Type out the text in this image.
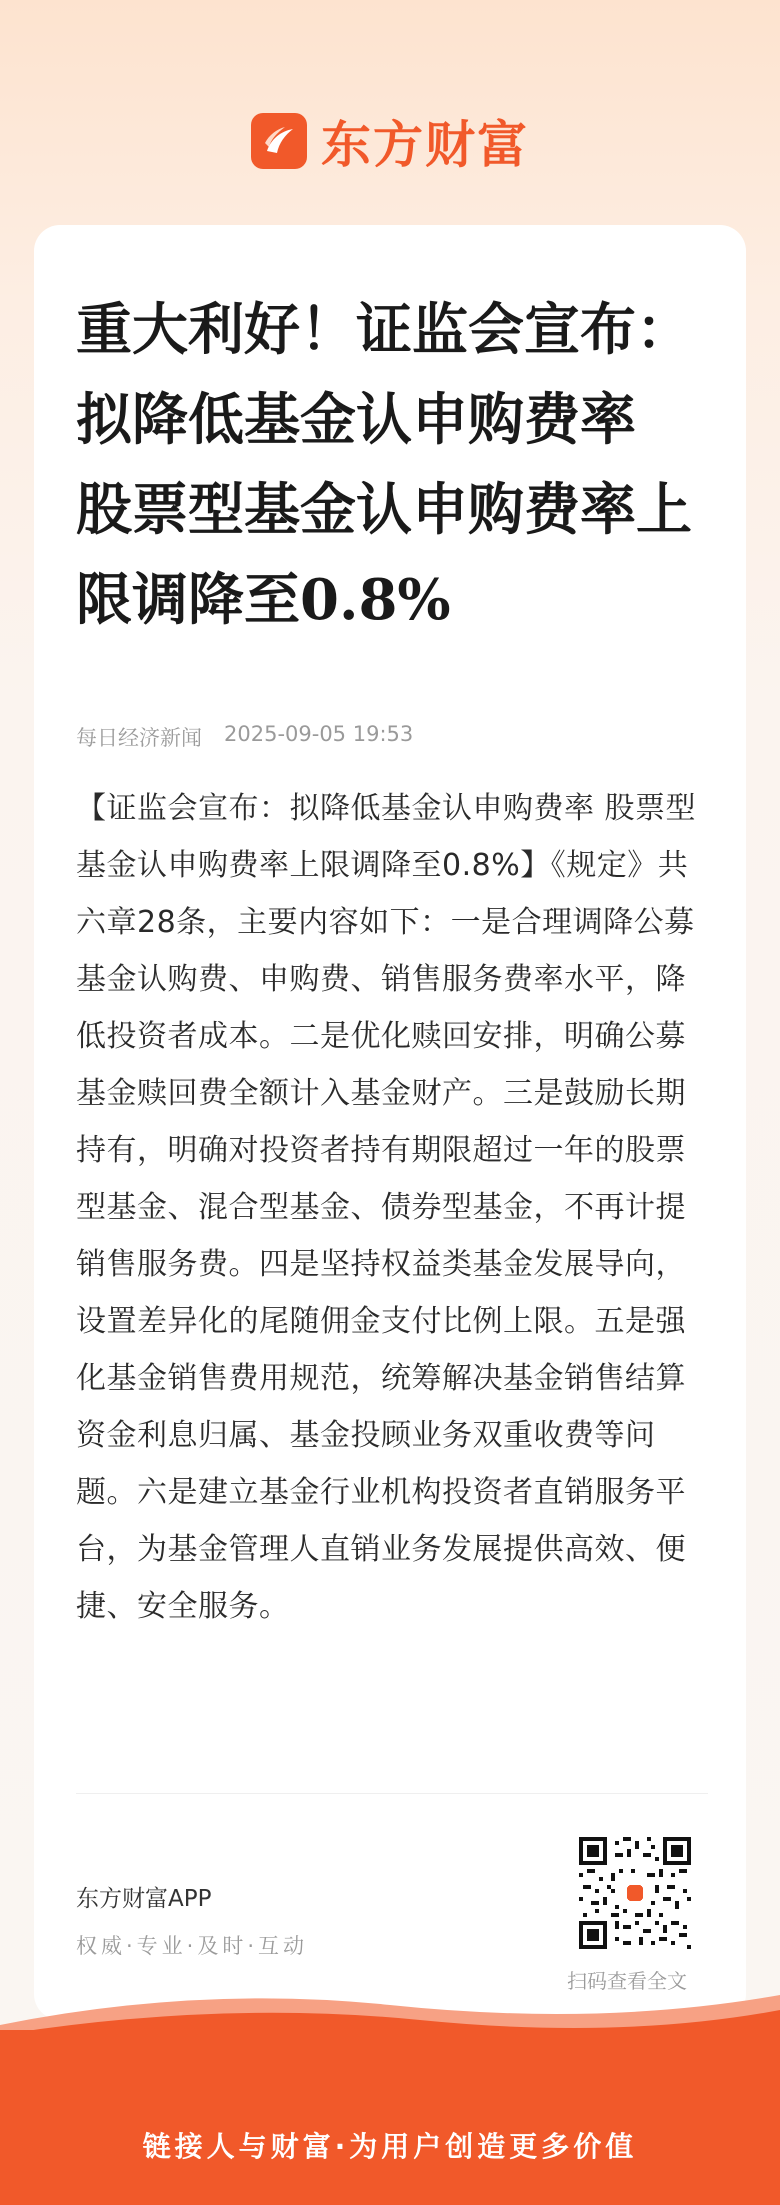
东方财富
重大利好！证监会宣布：拟降低基金认申购费率 股票型基金认申购费率上限调降至0.8%
每日经济新闻 2025-09-05 19:53

【证监会宣布：拟降低基金认申购费率 股票型基金认申购费率上限调降至0.8%】《规定》共六章28条，主要内容如下：一是合理调降公募基金认购费、申购费、销售服务费率水平，降低投资者成本。二是优化赎回安排，明确公募基金赎回费全额计入基金财产。三是鼓励长期持有，明确对投资者持有期限超过一年的股票型基金、混合型基金、债券型基金，不再计提销售服务费。四是坚持权益类基金发展导向，设置差异化的尾随佣金支付比例上限。五是强化基金销售费用规范，统筹解决基金销售结算资金利息归属、基金投顾业务双重收费等问题。六是建立基金行业机构投资者直销服务平台，为基金管理人直销业务发展提供高效、便捷、安全服务。

东方财富APP
权威·专业·及时·互动
扫码查看全文
链接人与财富·为用户创造更多价值
